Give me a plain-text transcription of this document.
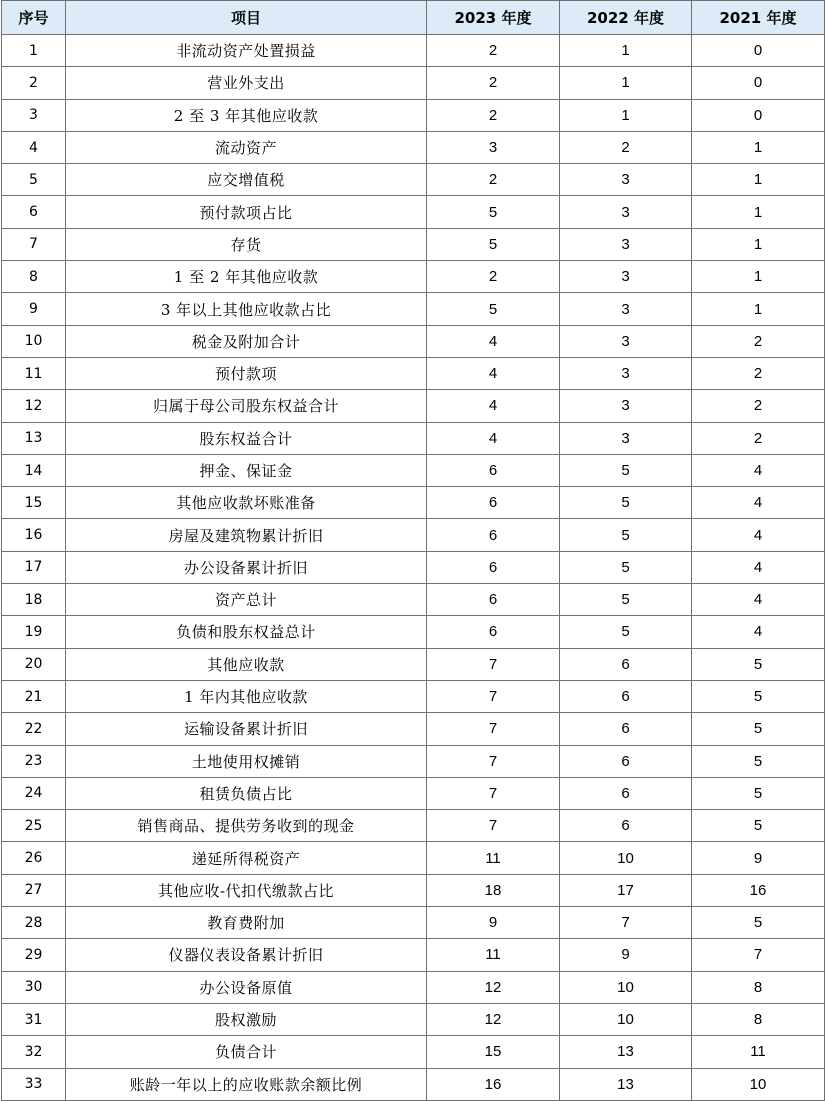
序号	项目	2023 年度	2022 年度	2021 年度
1	非流动资产处置损益	2	1	0
2	营业外支出	2	1	0
3	2 至 3 年其他应收款	2	1	0
4	流动资产	3	2	1
5	应交增值税	2	3	1
6	预付款项占比	5	3	1
7	存货	5	3	1
8	1 至 2 年其他应收款	2	3	1
9	3 年以上其他应收款占比	5	3	1
10	税金及附加合计	4	3	2
11	预付款项	4	3	2
12	归属于母公司股东权益合计	4	3	2
13	股东权益合计	4	3	2
14	押金、保证金	6	5	4
15	其他应收款坏账准备	6	5	4
16	房屋及建筑物累计折旧	6	5	4
17	办公设备累计折旧	6	5	4
18	资产总计	6	5	4
19	负债和股东权益总计	6	5	4
20	其他应收款	7	6	5
21	1 年内其他应收款	7	6	5
22	运输设备累计折旧	7	6	5
23	土地使用权摊销	7	6	5
24	租赁负债占比	7	6	5
25	销售商品、提供劳务收到的现金	7	6	5
26	递延所得税资产	11	10	9
27	其他应收-代扣代缴款占比	18	17	16
28	教育费附加	9	7	5
29	仪器仪表设备累计折旧	11	9	7
30	办公设备原值	12	10	8
31	股权激励	12	10	8
32	负债合计	15	13	11
33	账龄一年以上的应收账款余额比例	16	13	10
